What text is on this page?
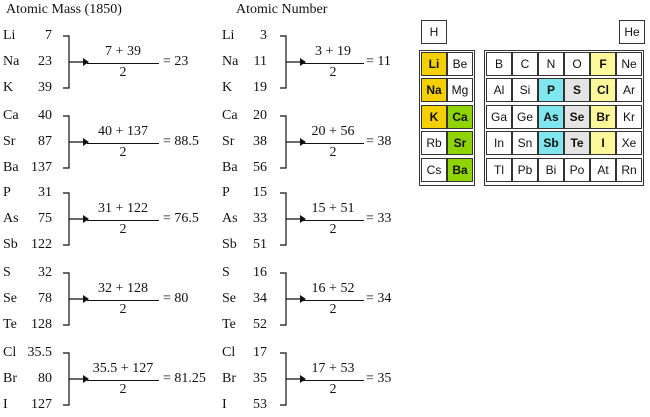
Atomic Mass (1850)	Atomic Number
Li	7
Na	23
K	39
7 + 39
2
= 23
Ca	40
Sr	87
Ba 137
40 + 137
2
= 88.5
P	31
As	75
Sb 122
31 + 122
2
= 76.5
S	32
Se	78
Te	128
32 + 128
2
= 80
Cl 35.5
Br	80
I	127
35.5 + 127
2
= 81.25
Li	3
Na	11
K	19
3 + 19
2
= 11
Ca	20
Sr	38
Ba	56
20 + 56
2
= 38
P	15
As	33
Sb	51
15 + 51
2
= 33
S	16
Se	34
Te	52
16 + 52
2
= 34
Cl	17
Br	35
I	53
17 + 53
2
= 35
H	He
Li	Be
Na Mg
K	Ca
Rb Sr
Cs Ba
B	C	N	O	F	Ne
Al	Si	P	S	Cl	Ar
Ga Ge As Se Br	Kr
In	Sn Sb Te	I	Xe
Tl	Pb	Bi	Po	At	Rn
